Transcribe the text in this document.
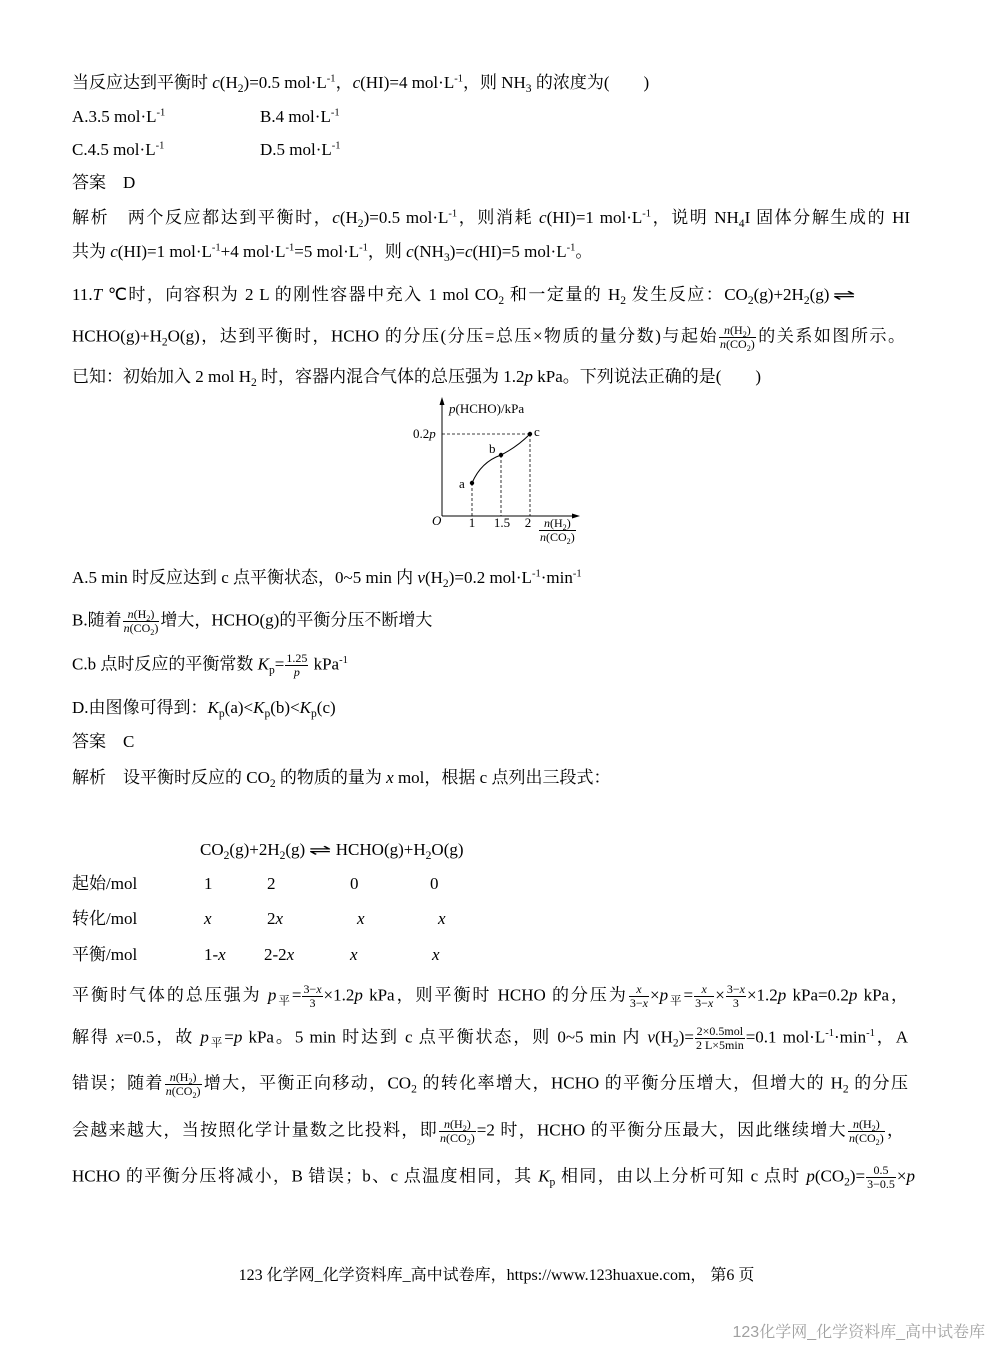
当反应达到平衡时 $c(H_2)=0.5$ $mol\cdot L^{-1}$，c(HI)=4 $mol\cdot L^{-1}$，则 $NH_3$ 的浓度为(　　)
A.3.5 $mol\cdot L^{-1}$	B.4 $mol\cdot L^{-1}$
C.4.5 $mol\cdot L^{-1}$	D.5 $mol\cdot L^{-1}$
答案　D
解析　两个反应都达到平衡时，$c(H_2)=0.5$ $mol\cdot L^{-1}$，则消耗 c(HI)=1 $mol\cdot L^{-1}$，说明 $NH_4I$ 固体分解生成的 HI
共为 c(HI)=1 $mol\cdot L^{-1}+4$ $mol\cdot L^{-1}=5$ $mol\cdot L^{-1}$，则 $c(NH_3)=c(HI)=5$ $mol\cdot L^{-1}$。
11.T ℃时，向容积为 2 L 的刚性容器中充入 1 mol $CO_2$ 和一定量的 $H_2$ 发生反应：$CO_2(g)+2H_2(g)$ ⇌
$HCHO(g)+H_2O(g)$，达到平衡时，HCHO 的分压(分压=总压×物质的量分数)与起始 $\frac{n(H_2)}{n(CO_2)}$ 的关系如图所示。
已知：初始加入 2 mol $H_2$ 时，容器内混合气体的总压强为 1.2p kPa。下列说法正确的是(　　)
p(HCHO)/kPa
0.2p
O 1 1.5 $2 \frac{n(H_2)}{n(CO_2)}$
a
b
c
A.5 min 时反应达到 c 点平衡状态，0~5 min 内 $v(H_2)=0.2$ $mol\cdot L^{-1}\cdot\min^{-1}$
B.随着 $\frac{n(H_2)}{n(CO_2)}$ 增大，HCHO(g)的平衡分压不断增大
C.b 点时反应的平衡常数 $K_p= \frac{1.25}{p} kPa^{-1}$
D.由图像可得到：$K_p(a)<K_p(b)<K_p(c)$
答案　C
解析　设平衡时反应的 $CO_2$ 的物质的量为 x mol，根据 c 点列出三段式：
$CO_2(g)+2H_2(g)$ ⇌ $HCHO(g)+H_2O(g)$
起始/mol	1	2	0	0
转化/mol	x	2x	x	x
平衡/mol	1-x 2-2x	x	x
平衡时气体的总压强为 $p_平= \frac{3-x}{3} \times 1.2p$ kPa，则平衡时 HCHO 的分压为 $\frac{x}{3-x} \times p_平= \frac{x}{3-x} \times \frac{3-x}{3} \times 1.2p$ kPa=0.2p kPa，
解得 x=0.5，故 $p_平=p$ kPa。5 min 时达到 c 点平衡状态，则 0~5 min 内 $v(H_2)= \frac{\text{2×0.5mol}}{2 L\times 5\min} =0.1$ $mol\cdot L^{-1}\cdot\min^{-1}$，A
错误；随着 $\frac{n(H_2)}{n(CO_2)}$ 增大，平衡正向移动，$CO_2$ 的转化率增大，HCHO 的平衡分压增大，但增大的 $H_2$ 的分压
会越来越大，当按照化学计量数之比投料，即 $\frac{n(H_2)}{n(CO_2)} =2$ 时，HCHO 的平衡分压最大，因此继续增大 $\frac{n(H_2)}{n(CO_2)}$ ，
HCHO 的平衡分压将减小，B 错误；b、c 点温度相同，其 $K_p$ 相同，由以上分析可知 c 点时 $p(CO_2)= \frac{0.5}{3-0.5} \times p$
123 化学网_化学资料库_高中试卷库，https://www.123huaxue.com， 第6 页
123化学网_化学资料库_高中试卷库
